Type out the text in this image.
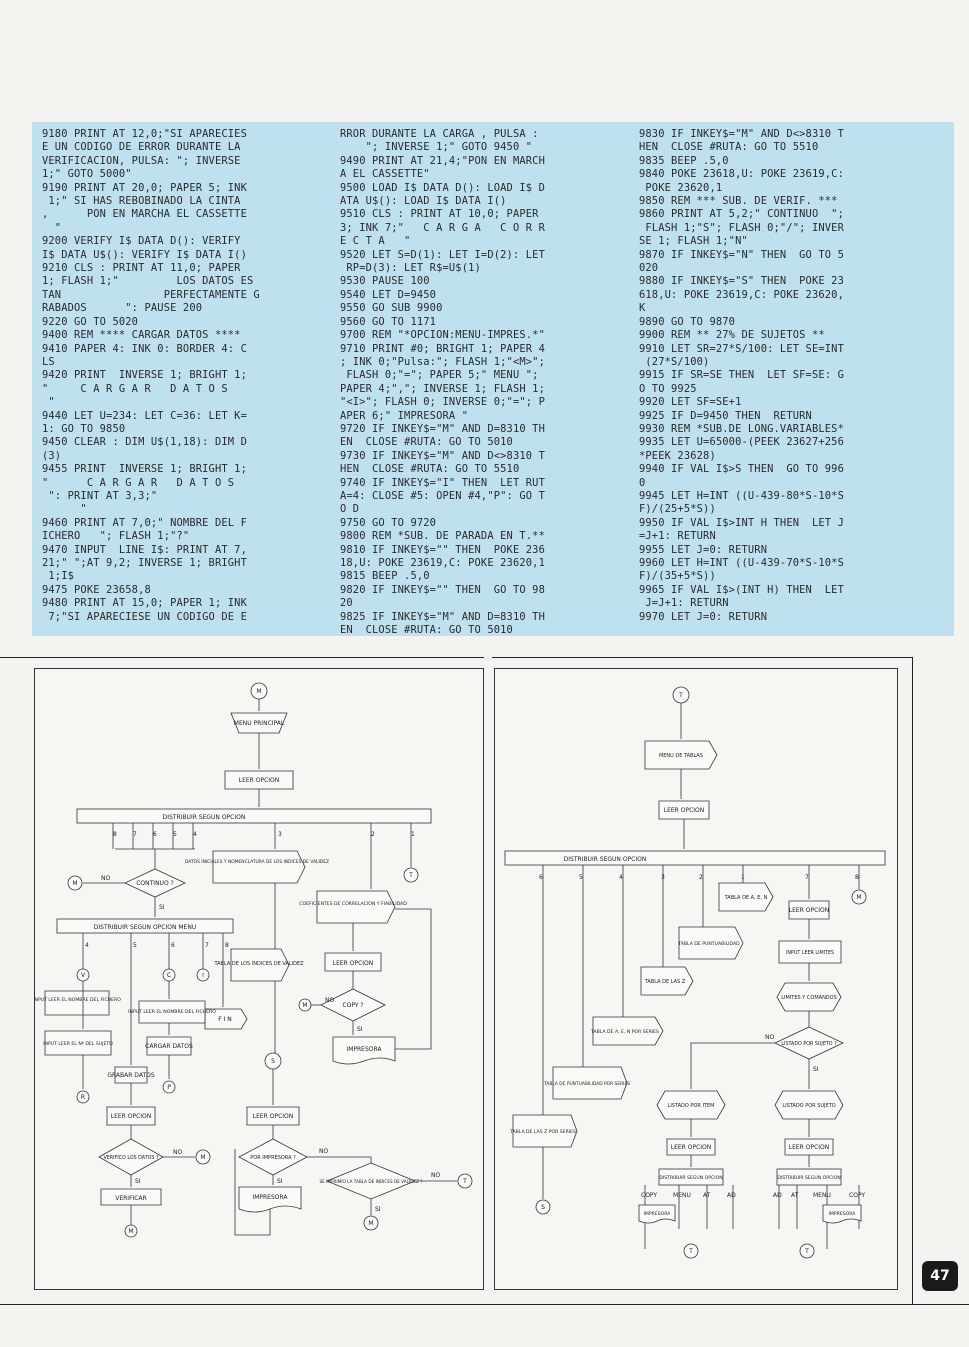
9180 PRINT AT 12,0;"SI APARECIES
E UN CODIGO DE ERROR DURANTE LA
VERIFICACION, PULSA: "; INVERSE
1;" GOTO 5000"
9190 PRINT AT 20,0; PAPER 5; INK
1;" SI HAS REBOBINADO LA CINTA
,      PON EN MARCHA EL CASSETTE
"
9200 VERIFY I$ DATA D(): VERIFY
I$ DATA U$(): VERIFY I$ DATA I()
9210 CLS : PRINT AT 11,0; PAPER
1; FLASH 1;"         LOS DATOS ES
TAN                PERFECTAMENTE G
RABADOS      ": PAUSE 200
9220 GO TO 5020
9400 REM **** CARGAR DATOS ****
9410 PAPER 4: INK 0: BORDER 4: C
LS
9420 PRINT  INVERSE 1; BRIGHT 1;
"     C A R G A R   D A T O S
"
9440 LET U=234: LET C=36: LET K=
1: GO TO 9850
9450 CLEAR : DIM U$(1,18): DIM D
(3)
9455 PRINT  INVERSE 1; BRIGHT 1;
"      C A R G A R   D A T O S
": PRINT AT 3,3;"
"
9460 PRINT AT 7,0;" NOMBRE DEL F
ICHERO   "; FLASH 1;"?"
9470 INPUT  LINE I$: PRINT AT 7,
21;" ";AT 9,2; INVERSE 1; BRIGHT
1;I$
9475 POKE 23658,8
9480 PRINT AT 15,0; PAPER 1; INK
7;"SI APARECIESE UN CODIGO DE E
RROR DURANTE LA CARGA , PULSA :
"; INVERSE 1;" GOTO 9450 "
9490 PRINT AT 21,4;"PON EN MARCH
A EL CASSETTE"
9500 LOAD I$ DATA D(): LOAD I$ D
ATA U$(): LOAD I$ DATA I()
9510 CLS : PRINT AT 10,0; PAPER
3; INK 7;"   C A R G A   C O R R
E C T A   "
9520 LET S=D(1): LET I=D(2): LET
RP=D(3): LET R$=U$(1)
9530 PAUSE 100
9540 LET D=9450
9550 GO SUB 9900
9560 GO TO 1171
9700 REM "*OPCION:MENU-IMPRES.*"
9710 PRINT #0; BRIGHT 1; PAPER 4
; INK 0;"Pulsa:"; FLASH 1;"<M>";
FLASH 0;"="; PAPER 5;" MENU ";
PAPER 4;","; INVERSE 1; FLASH 1;
"<I>"; FLASH 0; INVERSE 0;"="; P
APER 6;" IMPRESORA "
9720 IF INKEY$="M" AND D=8310 TH
EN  CLOSE #RUTA: GO TO 5010
9730 IF INKEY$="M" AND D<>8310 T
HEN  CLOSE #RUTA: GO TO 5510
9740 IF INKEY$="I" THEN  LET RUT
A=4: CLOSE #5: OPEN #4,"P": GO T
O D
9750 GO TO 9720
9800 REM *SUB. DE PARADA EN T.**
9810 IF INKEY$="" THEN  POKE 236
18,U: POKE 23619,C: POKE 23620,1
9815 BEEP .5,0
9820 IF INKEY$="" THEN  GO TO 98
20
9825 IF INKEY$="M" AND D=8310 TH
EN  CLOSE #RUTA: GO TO 5010
9830 IF INKEY$="M" AND D<>8310 T
HEN  CLOSE #RUTA: GO TO 5510
9835 BEEP .5,0
9840 POKE 23618,U: POKE 23619,C:
POKE 23620,1
9850 REM *** SUB. DE VERIF. ***
9860 PRINT AT 5,2;" CONTINUO  ";
FLASH 1;"S"; FLASH 0;"/"; INVER
SE 1; FLASH 1;"N"
9870 IF INKEY$="N" THEN  GO TO 5
020
9880 IF INKEY$="S" THEN  POKE 23
618,U: POKE 23619,C: POKE 23620,
K
9890 GO TO 9870
9900 REM ** 27% DE SUJETOS **
9910 LET SR=27*S/100: LET SE=INT
(27*S/100)
9915 IF SR=SE THEN  LET SF=SE: G
O TO 9925
9920 LET SF=SE+1
9925 IF D=9450 THEN  RETURN
9930 REM *SUB.DE LONG.VARIABLES*
9935 LET U=65000-(PEEK 23627+256
*PEEK 23628)
9940 IF VAL I$>S THEN  GO TO 996
0
9945 LET H=INT ((U-439-80*S-10*S
F)/(25+5*S))
9950 IF VAL I$>INT H THEN  LET J
=J+1: RETURN
9955 LET J=0: RETURN
9960 LET H=INT ((U-439-70*S-10*S
F)/(35+5*S))
9965 IF VAL I$>(INT H) THEN  LET
J=J+1: RETURN
9970 LET J=0: RETURN
M
MENU PRINCIPAL
LEER OPCION
DISTRIBUIR SEGUN OPCION
8	7	6	5	4	3	2	1
DATOS INICIALES Y NOMENCLATURA DE LOS INDICES DE VALIDEZ
CONTINUO ?
NO
M
SI
T
COEFICIENTES DE CORRELACION Y FIABILIDAD
LEER OPCION
COPY ?
NO
M
SI
IMPRESORA
DISTRIBUIR SEGUN OPCION MENU
4	5	6	7	8
V	C	I
F I N
TABLA DE LOS INDICES DE VALIDEZ
INPUT LEER EL NOMBRE DEL FICHERO
INPUT LEER EL NOMBRE DEL FICHERO
INPUT LEER EL Nº DEL SUJETO	CARGAR DATOS
R
GRABAR DATOS
P
LEER OPCION
VERIFICO LOS DATOS ?
NO
M
SI
VERIFICAR
M
S
LEER OPCION
POR IMPRESORA ?
NO
SI
IMPRESORA
SE IMPRIMIO LA TABLA DE INDICES DE VALIDEZ ?
NO
T
SI
M
T
MENU DE TABLAS
LEER OPCION
DISTRIBUIR SEGUN OPCION
6	5	4	3	2	1	7	8
M
TABLA DE A, E, N
TABLA DE PUNTUABILIDAD
TABLA DE LAS Z
TABLA DE A, E, N POR SERIES
TABLA DE PUNTUABILIDAD POR SERIES
TABLA DE LAS Z POR SERIES
S
LEER OPCION
INPUT LEER LIMITES
LIMITES Y COMANDOS
LISTADO POR SUJETO ?
NO
SI
LISTADO POR ITEM	LISTADO POR SUJETO
LEER OPCION	LEER OPCION
DISTRIBUIR SEGUN OPCION	DISTRIBUIR SEGUN OPCION
COPY	MENU AT	AD	AD AT MENU	COPY
IMPRESORA	IMPRESORA
T	T
47
